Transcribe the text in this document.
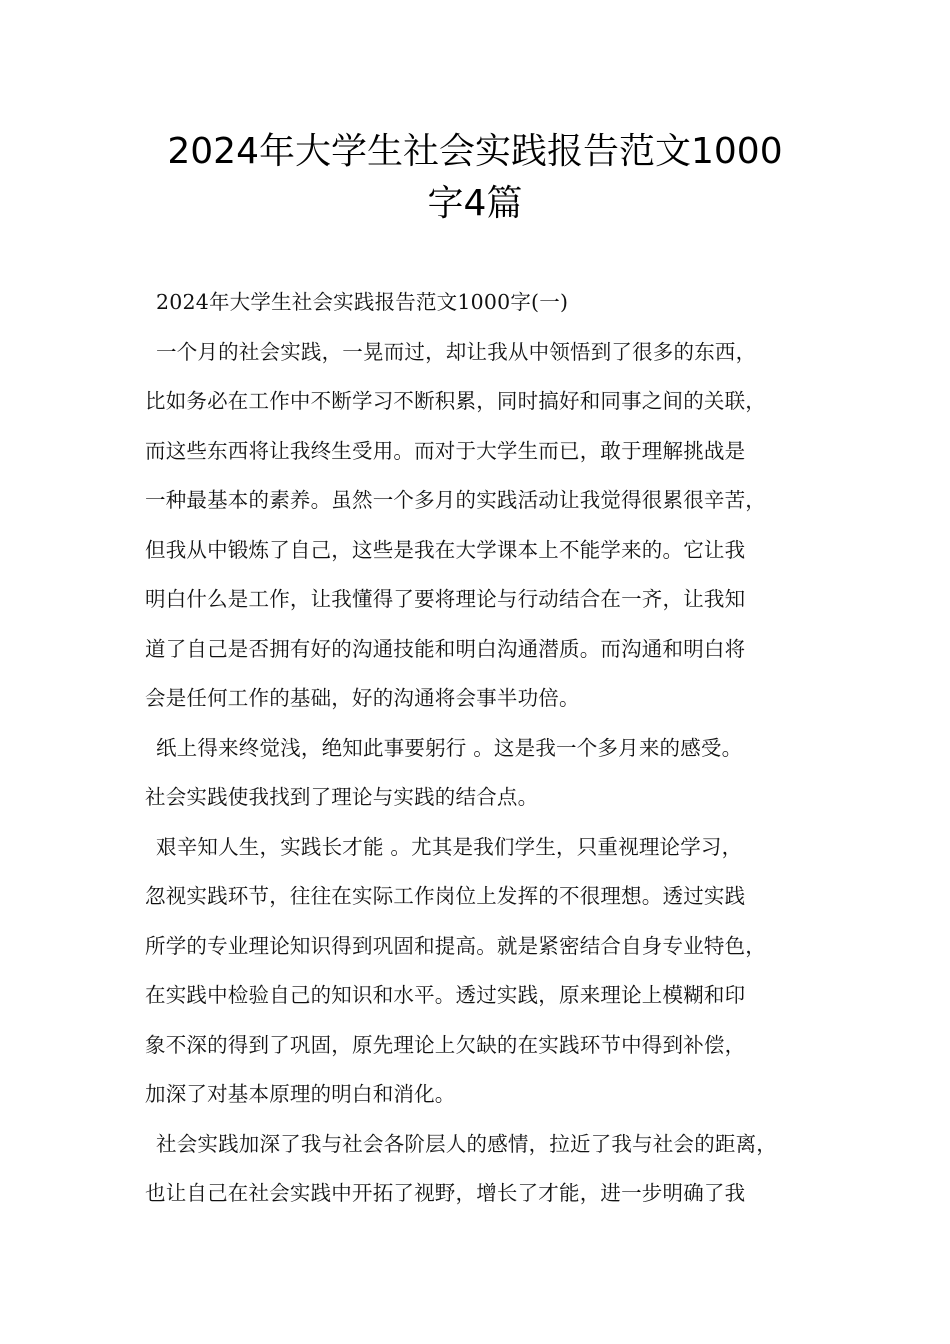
2024年大学生社会实践报告范文1000
字4篇
2024年大学生社会实践报告范文1000字(一)
一个月的社会实践，一晃而过，却让我从中领悟到了很多的东西，
比如务必在工作中不断学习不断积累，同时搞好和同事之间的关联，
而这些东西将让我终生受用。而对于大学生而已，敢于理解挑战是
一种最基本的素养。虽然一个多月的实践活动让我觉得很累很辛苦，
但我从中锻炼了自己，这些是我在大学课本上不能学来的。它让我
明白什么是工作，让我懂得了要将理论与行动结合在一齐，让我知
道了自己是否拥有好的沟通技能和明白沟通潜质。而沟通和明白将
会是任何工作的基础，好的沟通将会事半功倍。
纸上得来终觉浅，绝知此事要躬行 。这是我一个多月来的感受。
社会实践使我找到了理论与实践的结合点。
艰辛知人生，实践长才能 。尤其是我们学生，只重视理论学习，
忽视实践环节，往往在实际工作岗位上发挥的不很理想。透过实践
所学的专业理论知识得到巩固和提高。就是紧密结合自身专业特色，
在实践中检验自己的知识和水平。透过实践，原来理论上模糊和印
象不深的得到了巩固，原先理论上欠缺的在实践环节中得到补偿，
加深了对基本原理的明白和消化。
社会实践加深了我与社会各阶层人的感情，拉近了我与社会的距离，
也让自己在社会实践中开拓了视野，增长了才能，进一步明确了我
